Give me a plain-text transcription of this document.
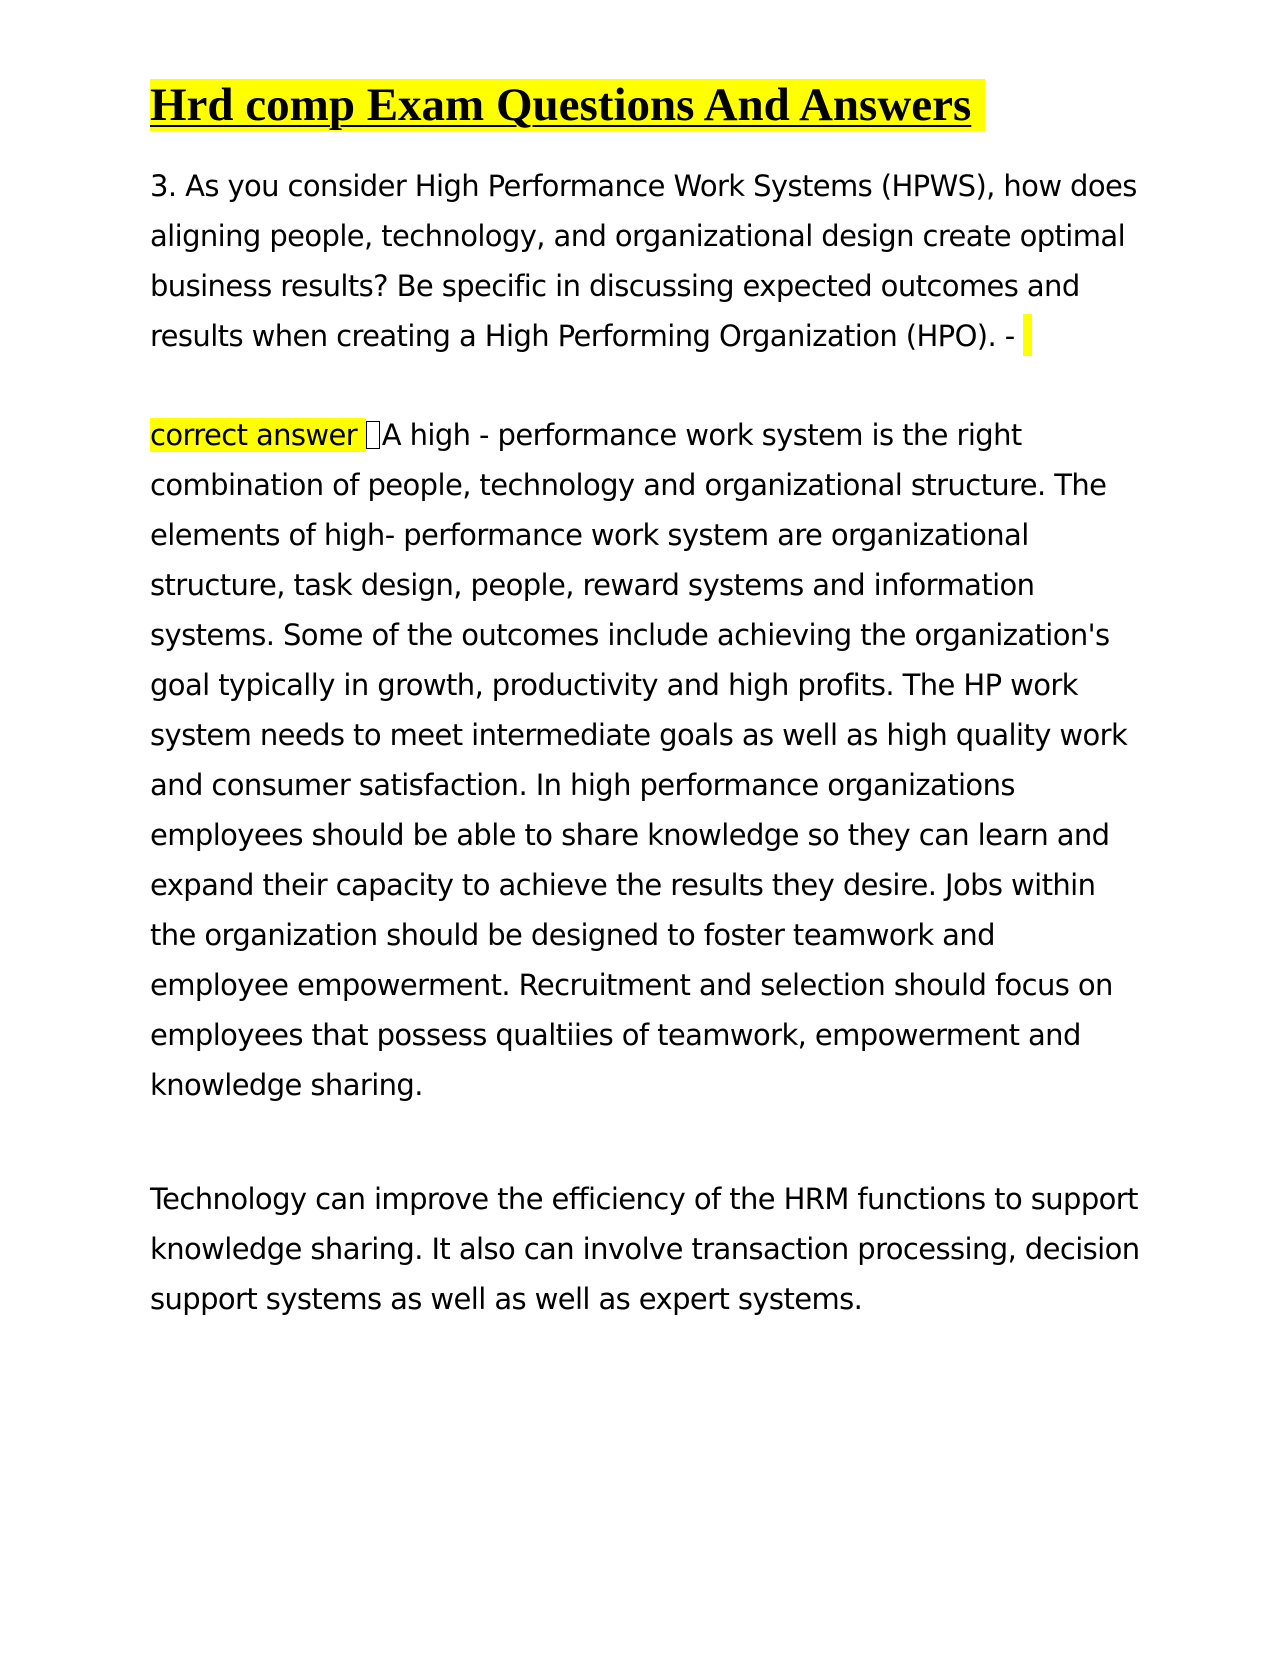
Hrd comp Exam Questions And Answers

3. As you consider High Performance Work Systems (HPWS), how does aligning people, technology, and organizational design create optimal business results? Be specific in discussing expected outcomes and results when creating a High Performing Organization (HPO). -

correct answer A high - performance work system is the right combination of people, technology and organizational structure. The elements of high- performance work system are organizational structure, task design, people, reward systems and information systems. Some of the outcomes include achieving the organization's goal typically in growth, productivity and high profits. The HP work system needs to meet intermediate goals as well as high quality work and consumer satisfaction. In high performance organizations employees should be able to share knowledge so they can learn and expand their capacity to achieve the results they desire. Jobs within the organization should be designed to foster teamwork and employee empowerment. Recruitment and selection should focus on employees that possess qualtiies of teamwork, empowerment and knowledge sharing.

Technology can improve the efficiency of the HRM functions to support knowledge sharing. It also can involve transaction processing, decision support systems as well as well as expert systems.
